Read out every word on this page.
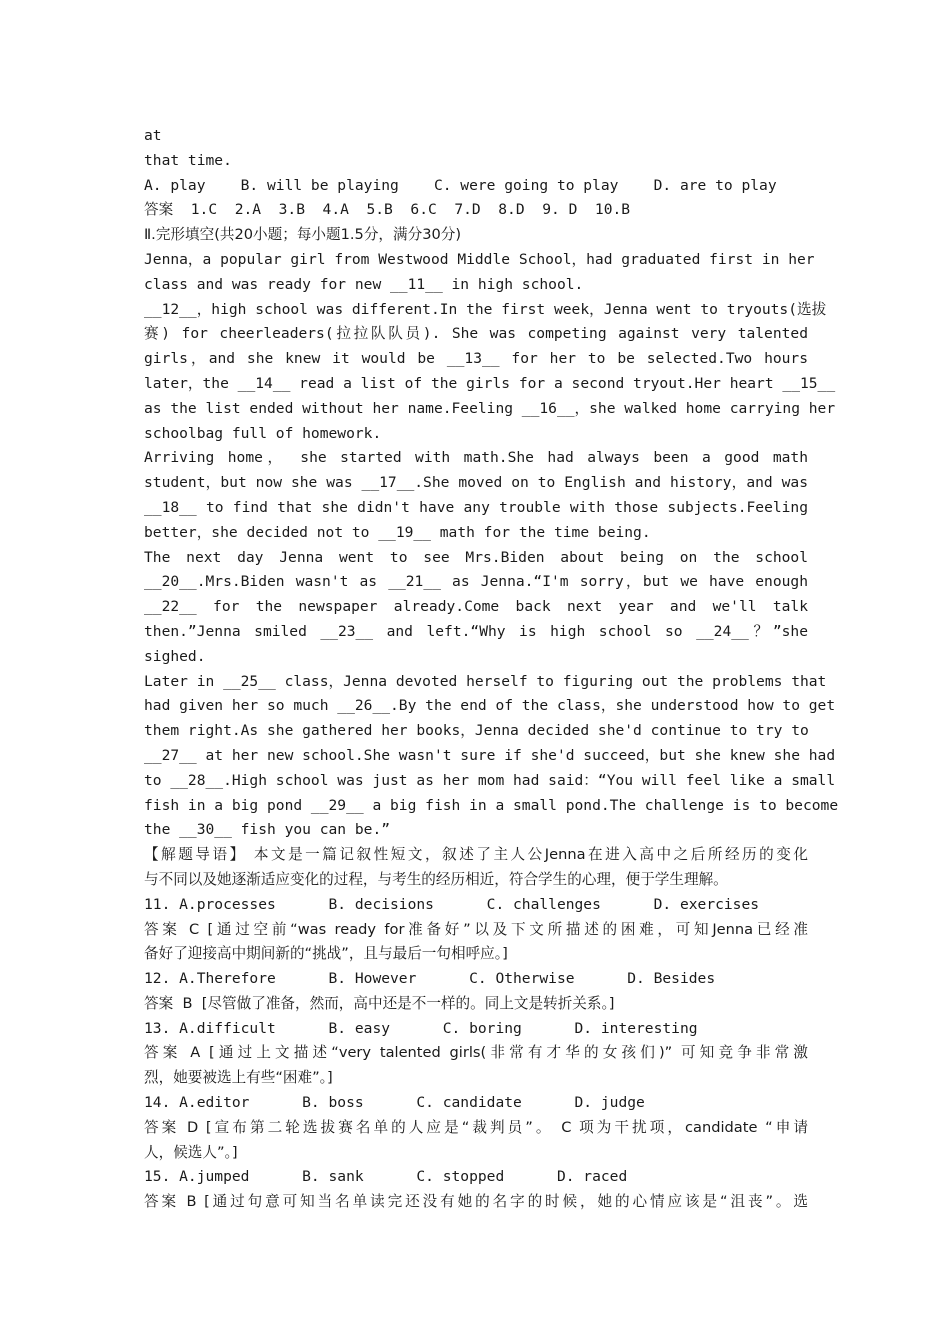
at
that time.
A. play    B. will be playing    C. were going to play    D. are to play
答案  1.C  2.A  3.B  4.A  5.B  6.C  7.D  8.D  9. D  10.B
Ⅱ.完形填空(共20小题；每小题1.5分，满分30分)
Jenna，a popular girl from Westwood Middle School，had graduated first in her
class and was ready for new __11__ in high school.
__12__，high school was different.In the first week，Jenna went to tryouts(选拔
赛) for cheerleaders(拉拉队队员). She was competing against very talented
girls，and she knew it would be __13__ for her to be selected.Two hours
later，the __14__ read a list of the girls for a second tryout.Her heart __15__
as the list ended without her name.Feeling __16__，she walked home carrying her
schoolbag full of homework.
Arriving home， she started with math.She had always been a good math
student，but now she was __17__.She moved on to English and history，and was
__18__ to find that she didn't have any trouble with those subjects.Feeling
better，she decided not to __19__ math for the time being.
The next day Jenna went to see Mrs.Biden about being on the school
__20__.Mrs.Biden wasn't as __21__ as Jenna.“I'm sorry，but we have enough
__22__ for the newspaper already.Come back next year and we'll talk
then.”Jenna smiled __23__ and left.“Why is high school so __24__？”she
sighed.
Later in __25__ class，Jenna devoted herself to figuring out the problems that
had given her so much __26__.By the end of the class，she understood how to get
them right.As she gathered her books，Jenna decided she'd continue to try to
__27__ at her new school.She wasn't sure if she'd succeed，but she knew she had
to __28__.High school was just as her mom had said：“You will feel like a small
fish in a big pond __29__ a big fish in a small pond.The challenge is to become
the __30__ fish you can be.”
【解题导语】 本文是一篇记叙性短文，叙述了主人公Jenna在进入高中之后所经历的变化
与不同以及她逐渐适应变化的过程，与考生的经历相近，符合学生的心理，便于学生理解。
11. A.processes      B. decisions      C. challenges      D. exercises
答案 C [通过空前“was ready for准备好”以及下文所描述的困难，可知Jenna已经准
备好了迎接高中期间新的“挑战”，且与最后一句相呼应。]
12. A.Therefore      B. However      C. Otherwise      D. Besides
答案  B  [尽管做了准备，然而，高中还是不一样的。同上文是转折关系。]
13. A.difficult      B. easy      C. boring      D. interesting
答案 A [通过上文描述“very talented girls(非常有才华的女孩们)” 可知竞争非常激
烈，她要被选上有些“困难”。]
14. A.editor      B. boss      C. candidate      D. judge
答案 D [宣布第二轮选拔赛名单的人应是“裁判员”。 C 项为干扰项，candidate “申请
人，候选人”。]
15. A.jumped      B. sank      C. stopped      D. raced
答案 B [通过句意可知当名单读完还没有她的名字的时候，她的心情应该是“沮丧”。选
